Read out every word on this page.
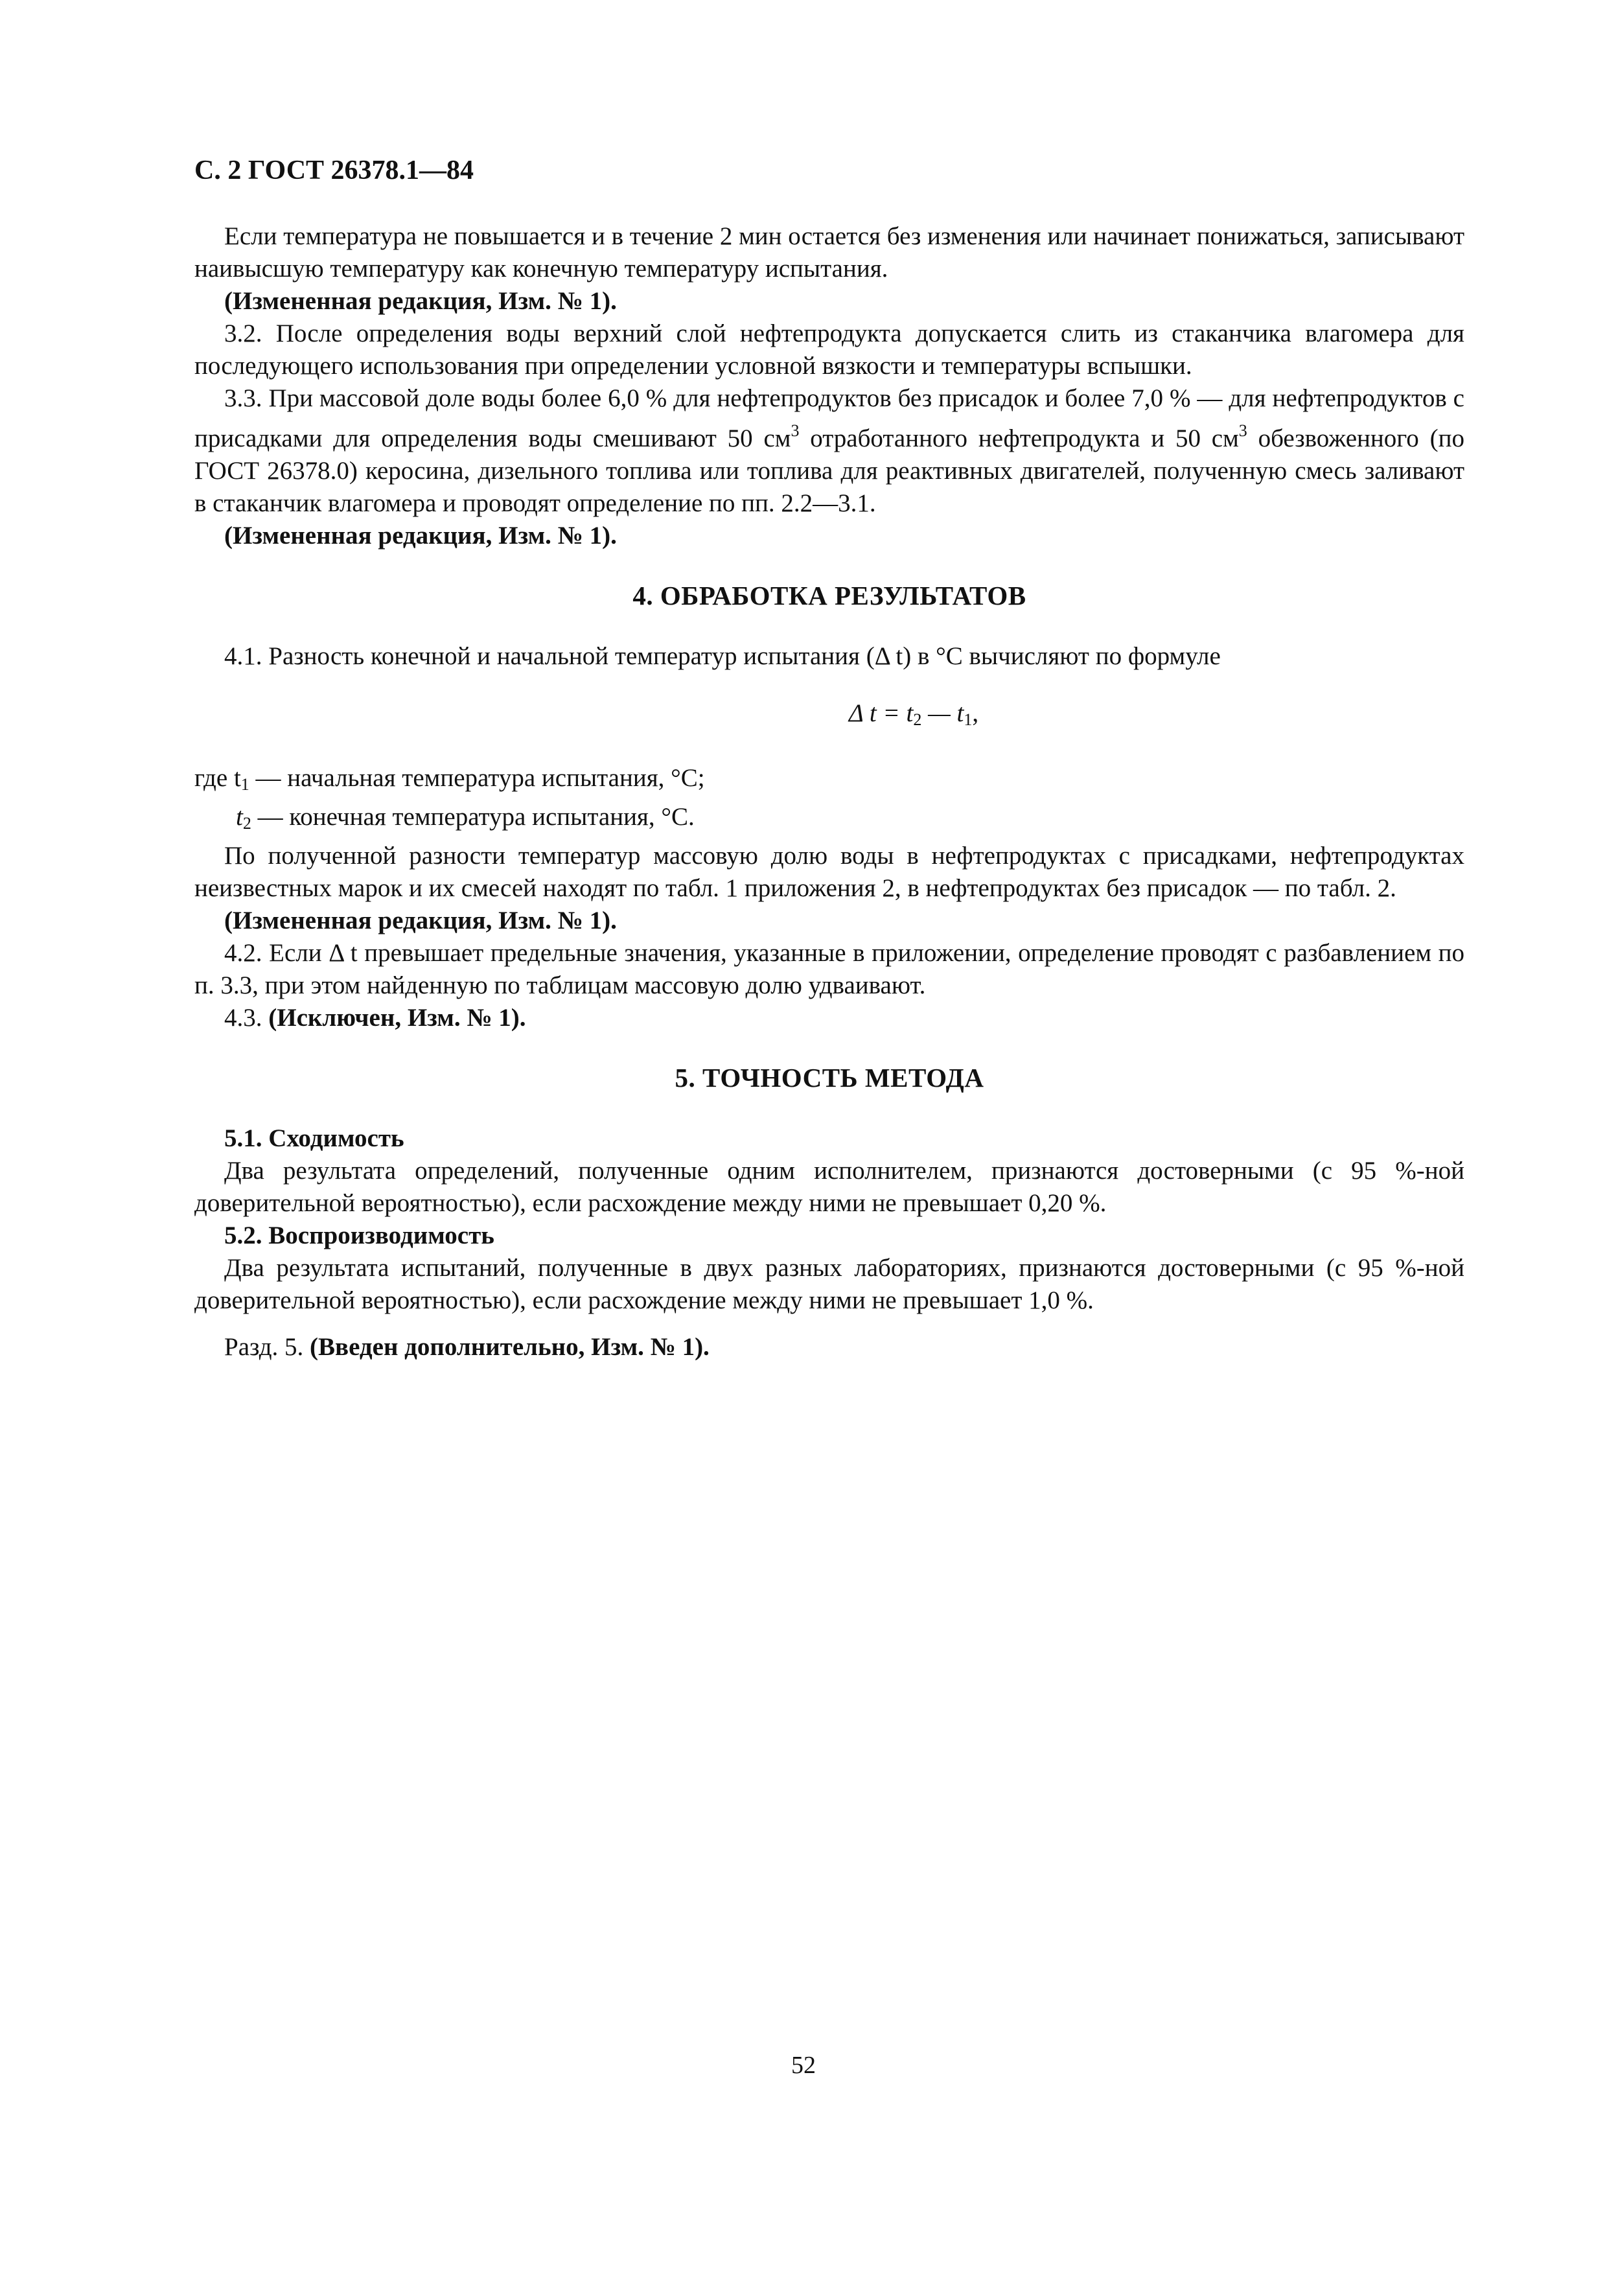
С. 2 ГОСТ 26378.1—84

Если температура не повышается и в течение 2 мин остается без изменения или начинает понижаться, записывают наивысшую температуру как конечную температуру испытания.

(Измененная редакция, Изм. № 1).

3.2. После определения воды верхний слой нефтепродукта допускается слить из стаканчика влагомера для последующего использования при определении условной вязкости и температуры вспышки.

3.3. При массовой доле воды более 6,0 % для нефтепродуктов без присадок и более 7,0 % — для нефтепродуктов с присадками для определения воды смешивают 50 $см^3$ отработанного нефтепродукта и 50 $см^3$ обезвоженного (по ГОСТ 26378.0) керосина, дизельного топлива или топлива для реактивных двигателей, полученную смесь заливают в стаканчик влагомера и проводят определение по пп. 2.2—3.1.

(Измененная редакция, Изм. № 1).

4. ОБРАБОТКА РЕЗУЛЬТАТОВ

4.1. Разность конечной и начальной температур испытания (Δ t) в °С вычисляют по формуле

Δ $t = t_2$ — $t_1$,

где $t_1$ — начальная температура испытания, °С;

$t_2$ — конечная температура испытания, °С.

По полученной разности температур массовую долю воды в нефтепродуктах с присадками, нефтепродуктах неизвестных марок и их смесей находят по табл. 1 приложения 2, в нефтепродуктах без присадок — по табл. 2.

(Измененная редакция, Изм. № 1).

4.2. Если Δ t превышает предельные значения, указанные в приложении, определение проводят с разбавлением по п. 3.3, при этом найденную по таблицам массовую долю удваивают.

4.3. (Исключен, Изм. № 1).

5. ТОЧНОСТЬ МЕТОДА

5.1. Сходимость

Два результата определений, полученные одним исполнителем, признаются достоверными (с 95 %-ной доверительной вероятностью), если расхождение между ними не превышает 0,20 %.

5.2. Воспроизводимость

Два результата испытаний, полученные в двух разных лабораториях, признаются достоверными (с 95 %-ной доверительной вероятностью), если расхождение между ними не превышает 1,0 %.

Разд. 5. (Введен дополнительно, Изм. № 1).

52
